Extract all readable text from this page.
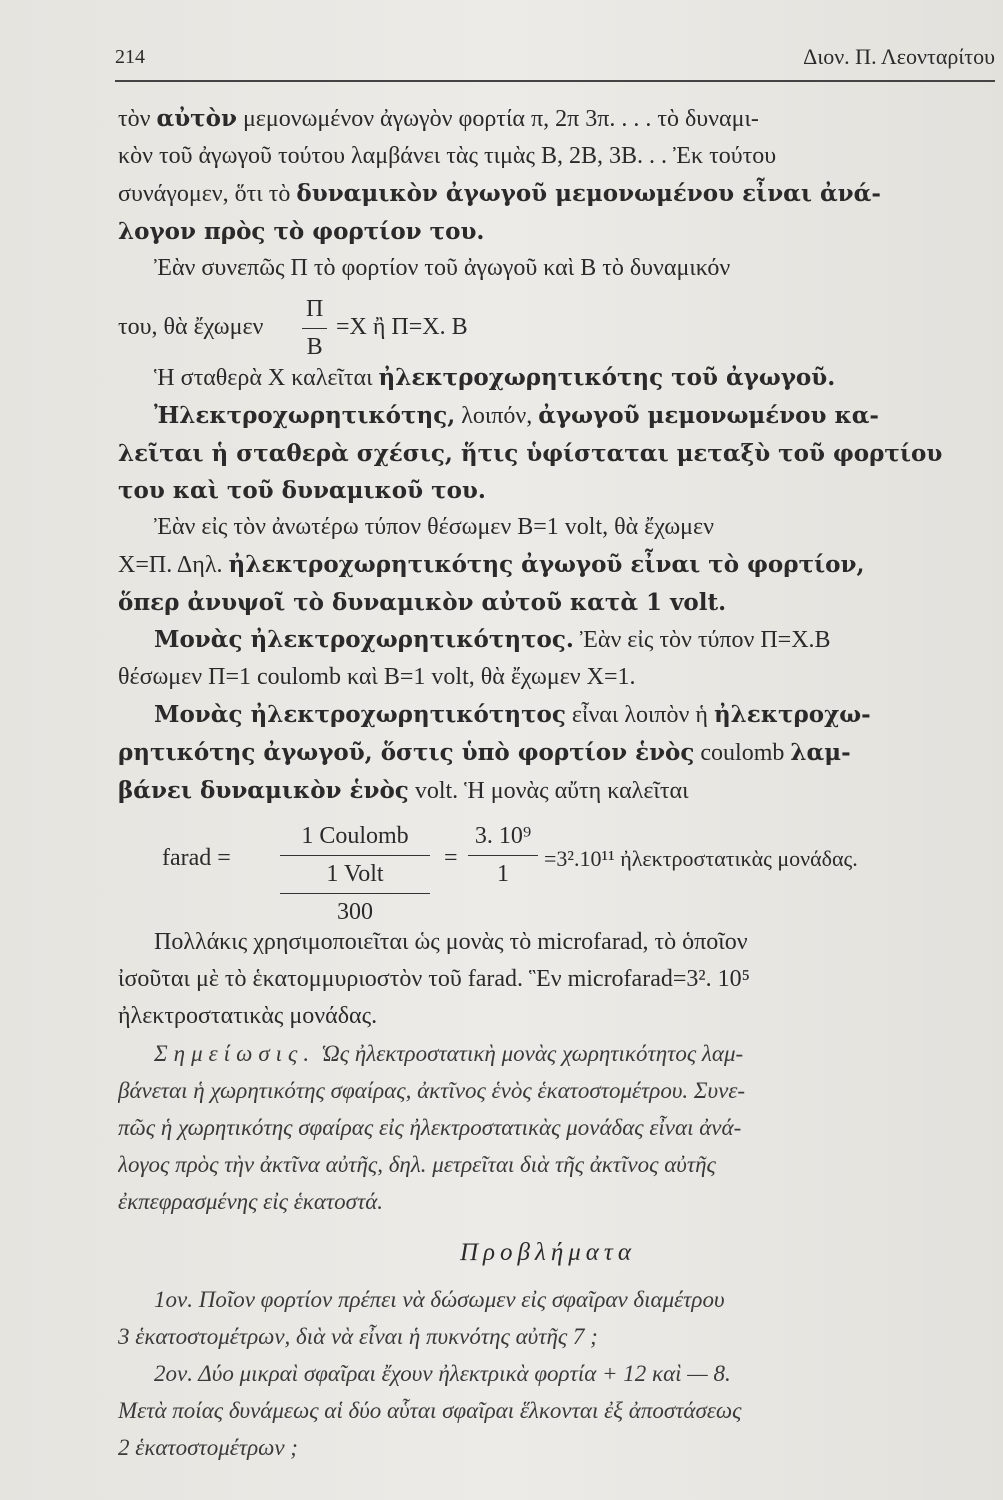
214	Διον. Π. Λεονταρίτου
τὸν αὐτὸν μεμονωμένον ἀγωγὸν φορτία π, 2π 3π. . . . τὸ δυναμι-
κὸν τοῦ ἀγωγοῦ τούτου λαμβάνει τὰς τιμὰς Β, 2Β, 3Β. . . Ἐκ τούτου
συνάγομεν, ὅτι τὸ δυναμικὸν ἀγωγοῦ μεμονωμένου εἶναι ἀνά-
λογον πρὸς τὸ φορτίον του.
Ἐὰν συνεπῶς Π τὸ φορτίον τοῦ ἀγωγοῦ καὶ Β τὸ δυναμικόν
του, θὰ ἔχωμεν $\frac{\Pi}{B} =X$ ἢ Π=Χ. Β
Ἡ σταθερὰ Χ καλεῖται ἠλεκτροχωρητικότης τοῦ ἀγωγοῦ.
Ἠλεκτροχωρητικότης, λοιπόν, ἀγωγοῦ μεμονωμένου κα-
λεῖται ἡ σταθερὰ σχέσις, ἥτις ὑφίσταται μεταξὺ τοῦ φορτίου
του καὶ τοῦ δυναμικοῦ του.
Ἐὰν εἰς τὸν ἀνωτέρω τύπον θέσωμεν Β=1 volt, θὰ ἔχωμεν
Χ=Π. Δηλ. ἠλεκτροχωρητικότης ἀγωγοῦ εἶναι τὸ φορτίον,
ὅπερ ἀνυψοῖ τὸ δυναμικὸν αὐτοῦ κατὰ 1 volt.
Μονὰς ἠλεκτροχωρητικότητος. Ἐὰν εἰς τὸν τύπον Π=Χ.Β
θέσωμεν Π=1 coulomb καὶ Β=1 volt, θὰ ἔχωμεν Χ=1.
Μονὰς ἠλεκτροχωρητικότητος εἶναι λοιπὸν ἡ ἠλεκτροχω-
ρητικότης ἀγωγοῦ, ὅστις ὑπὸ φορτίον ἑνὸς coulomb λαμ-
βάνει δυναμικὸν ἑνὸς volt. Ἡ μονὰς αὔτη καλεῖται
farad =
1 Coulomb
1 Volt
300
= $\frac{\text{3. 10⁹}}{1} =3^2.10^{11}$ ἠλεκτροστατικὰς μονάδας.
Πολλάκις χρησιμοποιεῖται ὡς μονὰς τὸ microfarad, τὸ ὁποῖον
ἰσοῦται μὲ τὸ ἑκατομμυριοστὸν τοῦ farad. Ἓν microfarad=3². 10⁵
ἠλεκτροστατικὰς μονάδας.
Σημείωσις. Ὡς ἠλεκτροστατικὴ μονὰς χωρητικότητος λαμ-
βάνεται ἡ χωρητικότης σφαίρας, ἀκτῖνος ἑνὸς ἑκατοστομέτρου. Συνε-
πῶς ἡ χωρητικότης σφαίρας εἰς ἠλεκτροστατικὰς μονάδας εἶναι ἀνά-
λογος πρὸς τὴν ἀκτῖνα αὐτῆς, δηλ. μετρεῖται διὰ τῆς ἀκτῖνος αὐτῆς
ἐκπεφρασμένης εἰς ἑκατοστά.
Προβλήματα
1ον. Ποῖον φορτίον πρέπει νὰ δώσωμεν εἰς σφαῖραν διαμέτρου
3 ἑκατοστομέτρων, διὰ νὰ εἶναι ἡ πυκνότης αὐτῆς 7 ;
2ον. Δύο μικραὶ σφαῖραι ἔχουν ἠλεκτρικὰ φορτία + 12 καὶ — 8.
Μετὰ ποίας δυνάμεως αἱ δύο αὗται σφαῖραι ἕλκονται ἐξ ἀποστάσεως
2 ἑκατοστομέτρων ;
